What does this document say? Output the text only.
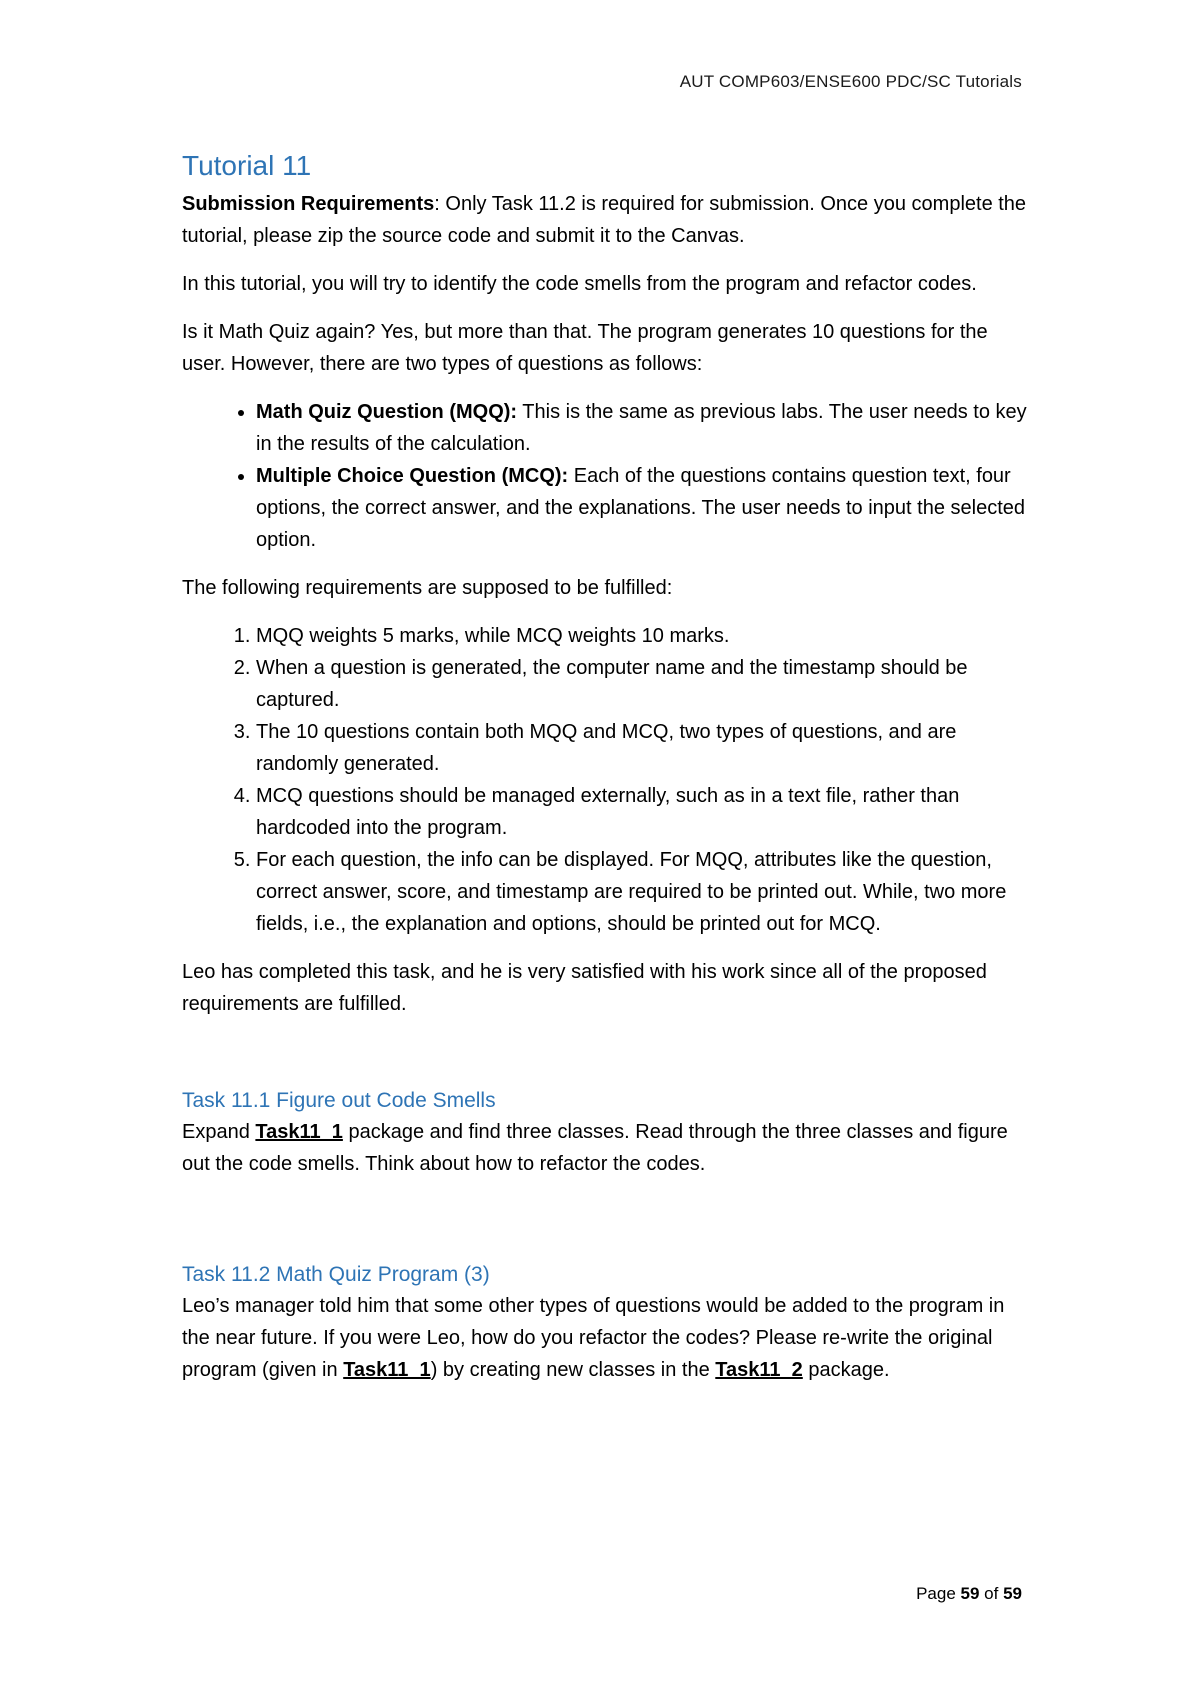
AUT COMP603/ENSE600 PDC/SC Tutorials
Tutorial 11

Submission Requirements: Only Task 11.2 is required for submission. Once you complete the tutorial, please zip the source code and submit it to the Canvas.

In this tutorial, you will try to identify the code smells from the program and refactor codes.

Is it Math Quiz again? Yes, but more than that. The program generates 10 questions for the user. However, there are two types of questions as follows:

• Math Quiz Question (MQQ): This is the same as previous labs. The user needs to key in the results of the calculation.
• Multiple Choice Question (MCQ): Each of the questions contains question text, four options, the correct answer, and the explanations. The user needs to input the selected option.

The following requirements are supposed to be fulfilled:

1. MQQ weights 5 marks, while MCQ weights 10 marks.
2. When a question is generated, the computer name and the timestamp should be captured.
3. The 10 questions contain both MQQ and MCQ, two types of questions, and are randomly generated.
4. MCQ questions should be managed externally, such as in a text file, rather than hardcoded into the program.
5. For each question, the info can be displayed. For MQQ, attributes like the question, correct answer, score, and timestamp are required to be printed out. While, two more fields, i.e., the explanation and options, should be printed out for MCQ.

Leo has completed this task, and he is very satisfied with his work since all of the proposed requirements are fulfilled.

Task 11.1 Figure out Code Smells

Expand Task11_1 package and find three classes. Read through the three classes and figure out the code smells. Think about how to refactor the codes.

Task 11.2 Math Quiz Program (3)

Leo’s manager told him that some other types of questions would be added to the program in the near future. If you were Leo, how do you refactor the codes? Please re-write the original program (given in Task11_1) by creating new classes in the Task11_2 package.

Page 59 of 59
